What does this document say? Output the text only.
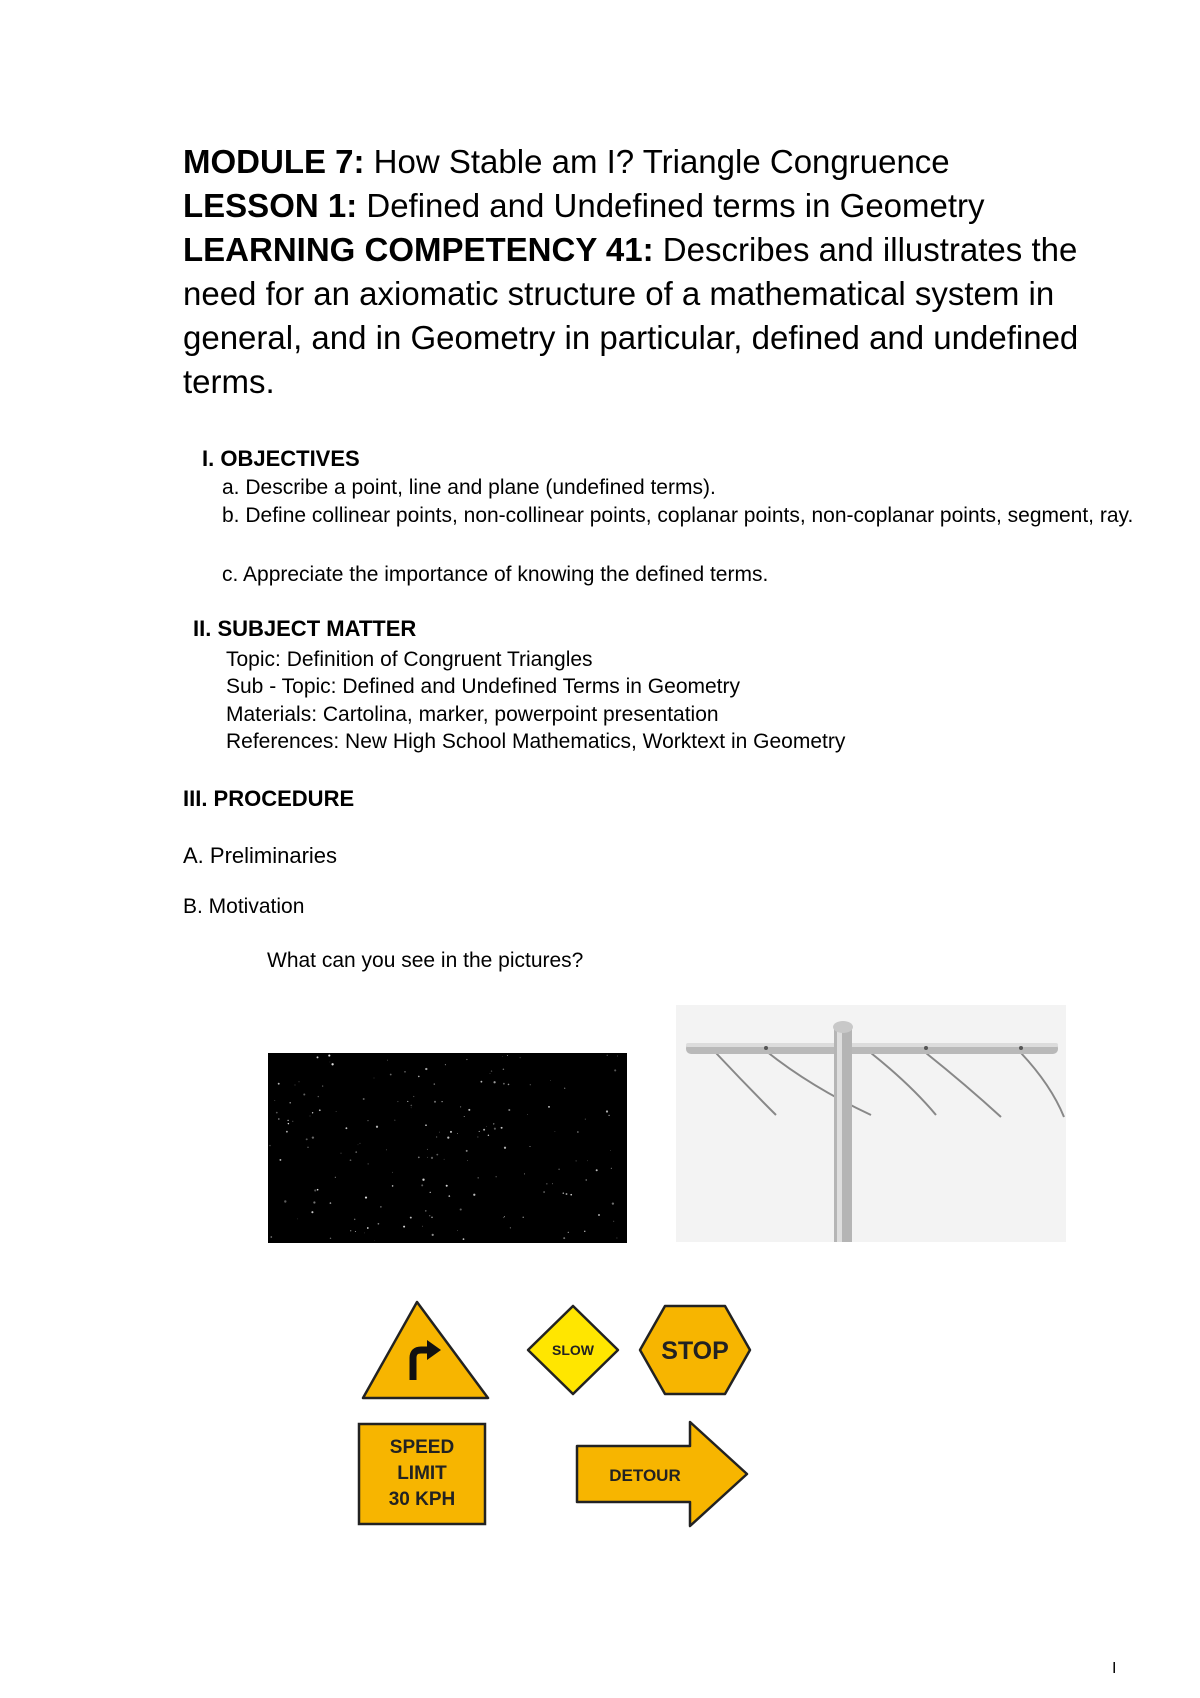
MODULE 7: How Stable am I? Triangle Congruence

LESSON 1: Defined and Undefined terms in Geometry

LEARNING COMPETENCY 41: Describes and illustrates the need for an axiomatic structure of a mathematical system in general, and in Geometry in particular, defined and undefined terms.

I. OBJECTIVES
a. Describe a point, line and plane (undefined terms).
b. Define collinear points, non-collinear points, coplanar points, non-coplanar points, segment, ray.
c. Appreciate the importance of knowing the defined terms.
II. SUBJECT MATTER
Topic: Definition of Congruent Triangles
Sub - Topic: Defined and Undefined Terms in Geometry
Materials: Cartolina, marker, powerpoint presentation
References: New High School Mathematics, Worktext in Geometry
III. PROCEDURE
A. Preliminaries
B. Motivation
What can you see in the pictures?
SLOW	STOP
SPEED
LIMIT
30 KPH
DETOUR
I
